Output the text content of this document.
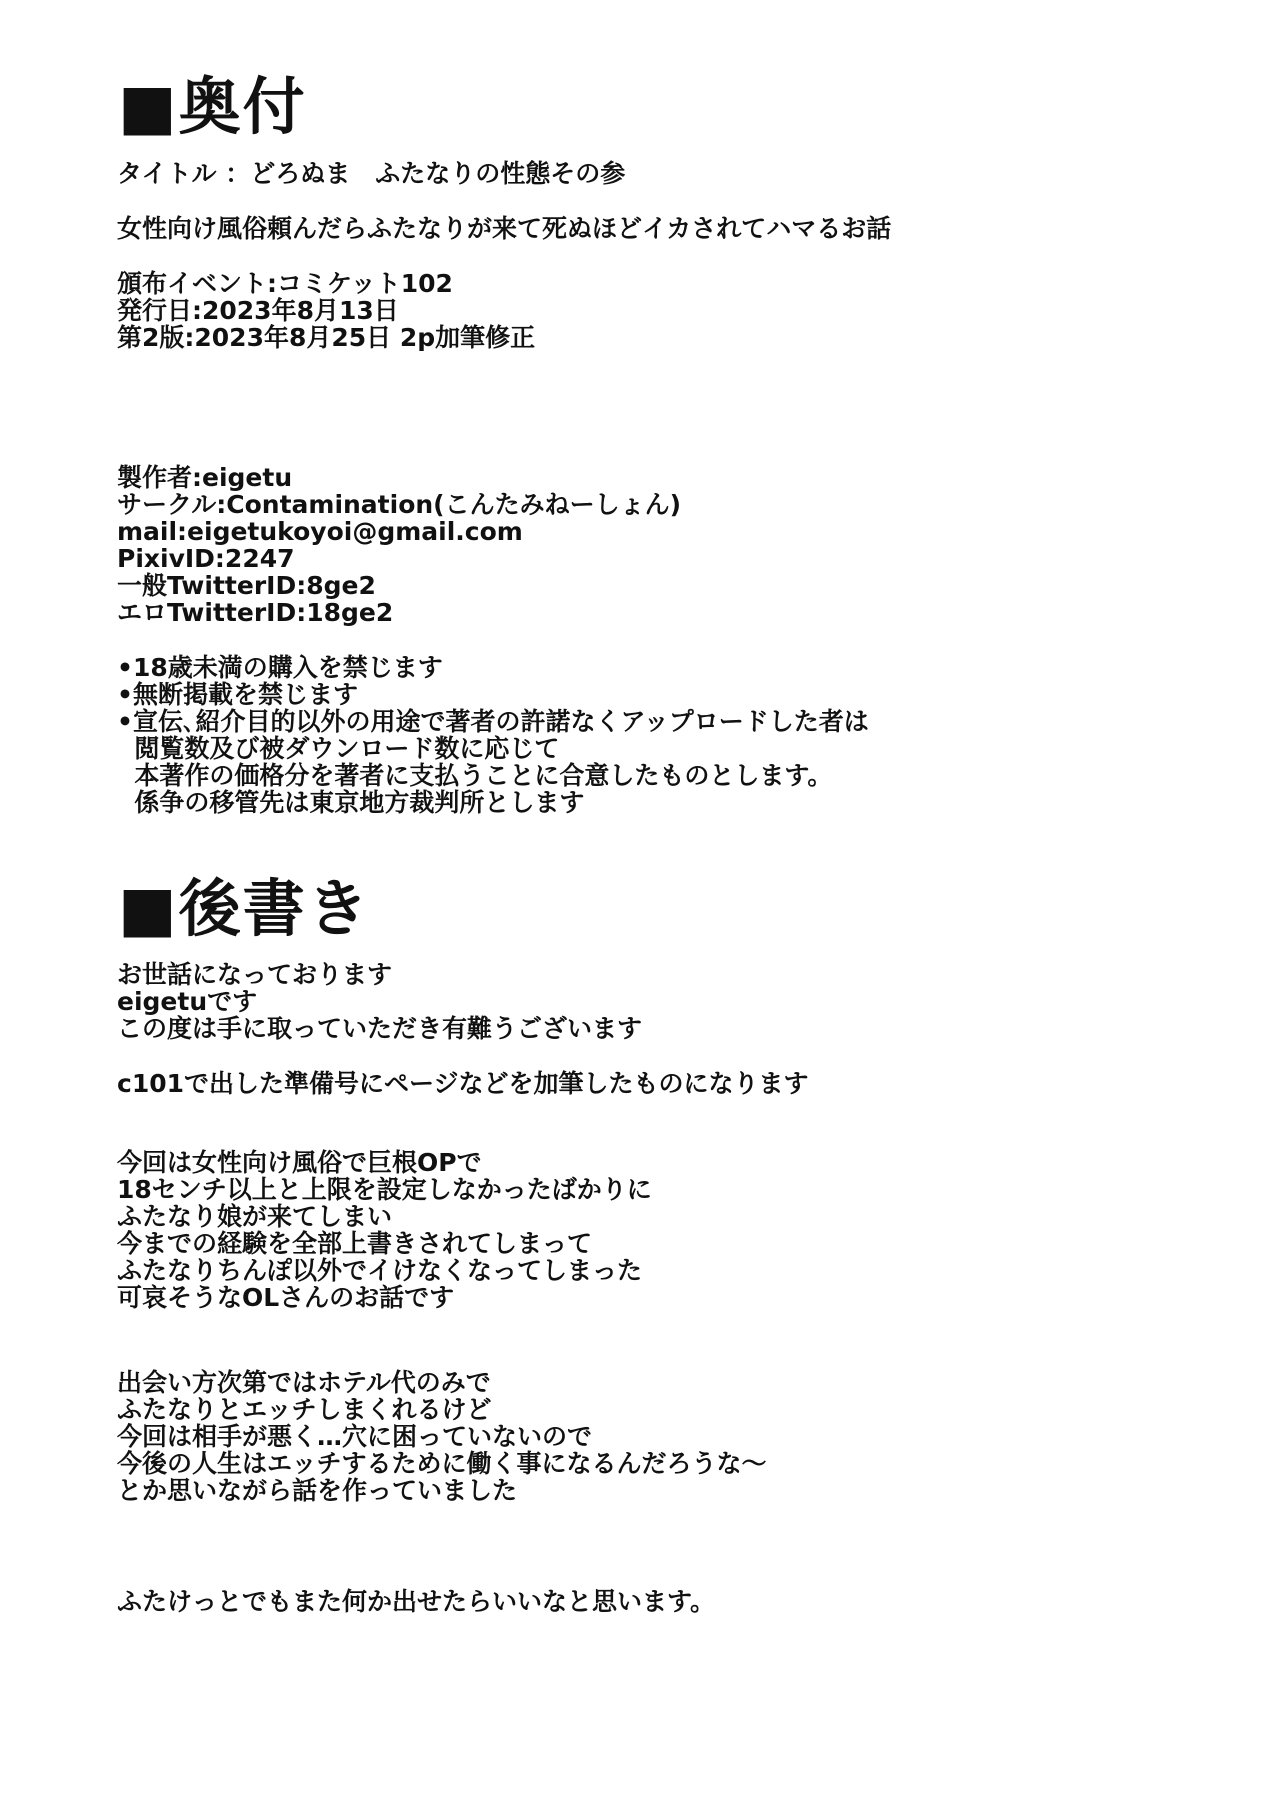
■奥付
タイトル ：どろぬま　ふたなりの性態その参
女性向け風俗頼んだらふたなりが来て死ぬほどイカされてハマるお話
頒布イベント:コミケット102
発行日:2023年8月13日
第2版:2023年8月25日 2p加筆修正
製作者:eigetu
サークル:Contamination(こんたみねーしょん)
mail:eigetukoyoi@gmail.com
PixivID:2247
一般TwitterID:8ge2
エロTwitterID:18ge2
•18歳未満の購入を禁じます
•無断掲載を禁じます
•宣伝､紹介目的以外の用途で著者の許諾なくアップロードした者は
閲覧数及び被ダウンロード数に応じて
本著作の価格分を著者に支払うことに合意したものとします。
係争の移管先は東京地方裁判所とします
■後書き
お世話になっております
eigetuです
この度は手に取っていただき有難うございます
c101で出した準備号にページなどを加筆したものになります
今回は女性向け風俗で巨根OPで
18センチ以上と上限を設定しなかったばかりに
ふたなり娘が来てしまい
今までの経験を全部上書きされてしまって
ふたなりちんぽ以外でイけなくなってしまった
可哀そうなOLさんのお話です
出会い方次第ではホテル代のみで
ふたなりとエッチしまくれるけど
今回は相手が悪く…穴に困っていないので
今後の人生はエッチするために働く事になるんだろうな〜
とか思いながら話を作っていました
ふたけっとでもまた何か出せたらいいなと思います。
